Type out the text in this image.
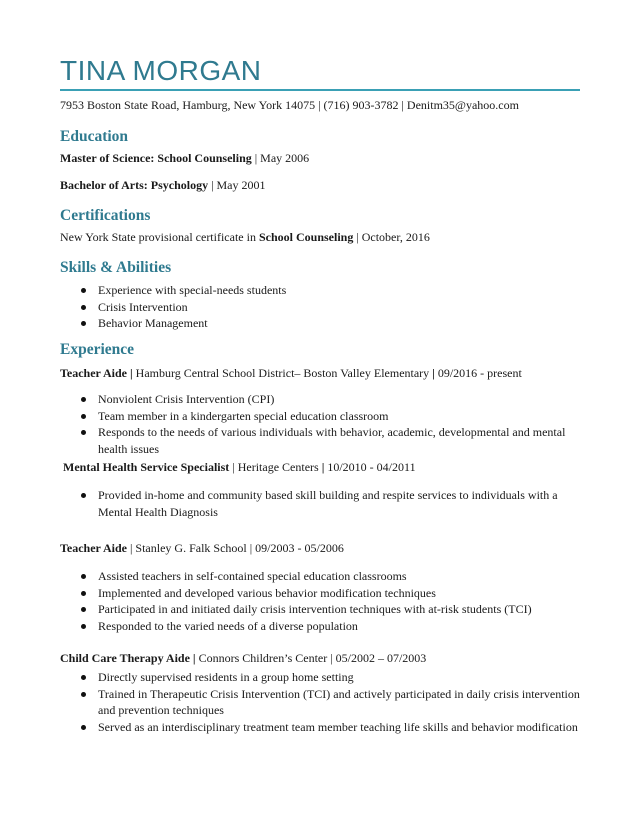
TINA MORGAN
7953 Boston State Road, Hamburg, New York 14075 | (716) 903-3782 | Denitm35@yahoo.com
Education
Master of Science: School Counseling | May 2006
Bachelor of Arts: Psychology | May 2001
Certifications
New York State provisional certificate in School Counseling | October, 2016
Skills & Abilities
Experience with special-needs students
Crisis Intervention
Behavior Management
Experience
Teacher Aide | Hamburg Central School District– Boston Valley Elementary | 09/2016 - present
Nonviolent Crisis Intervention (CPI)
Team member in a kindergarten special education classroom
Responds to the needs of various individuals with behavior, academic, developmental and mental health issues
Mental Health Service Specialist | Heritage Centers | 10/2010 - 04/2011
Provided in-home and community based skill building and respite services to individuals with a Mental Health Diagnosis
Teacher Aide | Stanley G. Falk School | 09/2003 - 05/2006
Assisted teachers in self-contained special education classrooms
Implemented and developed various behavior modification techniques
Participated in and initiated daily crisis intervention techniques with at-risk students (TCI)
Responded to the varied needs of a diverse population
Child Care Therapy Aide | Connors Children’s Center | 05/2002 – 07/2003
Directly supervised residents in a group home setting
Trained in Therapeutic Crisis Intervention (TCI) and actively participated in daily crisis intervention and prevention techniques
Served as an interdisciplinary treatment team member teaching life skills and behavior modification
